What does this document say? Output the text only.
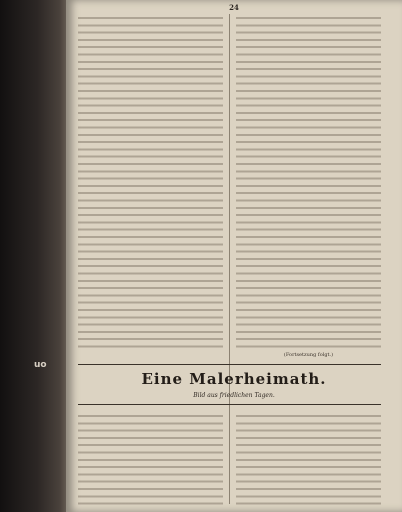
uo
24

(Fortsetzung folgt.)
Eine Malerheimath.
Bild aus friedlichen Tagen.
